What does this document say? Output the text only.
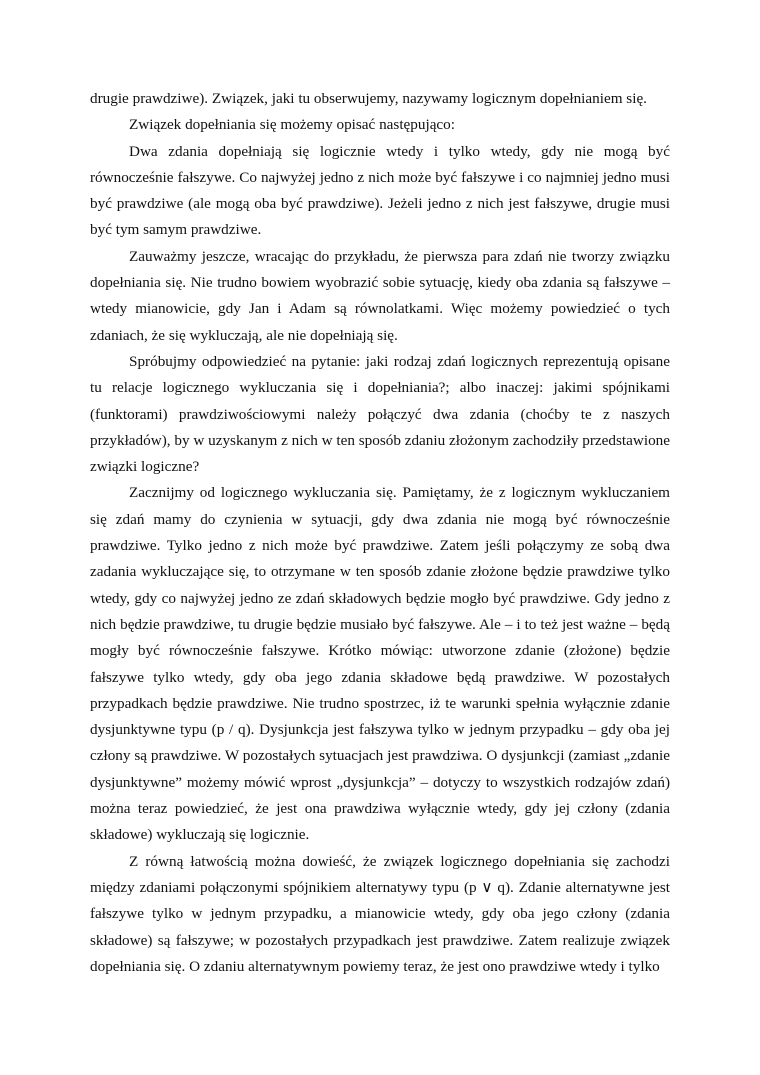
drugie prawdziwe). Związek, jaki tu obserwujemy, nazywamy logicznym dopełnianiem się.

Związek dopełniania się możemy opisać następująco:

Dwa zdania dopełniają się logicznie wtedy i tylko wtedy, gdy nie mogą być równocześnie fałszywe. Co najwyżej jedno z nich może być fałszywe i co najmniej jedno musi być prawdziwe (ale mogą oba być prawdziwe). Jeżeli jedno z nich jest fałszywe, drugie musi być tym samym prawdziwe.

Zauważmy jeszcze, wracając do przykładu, że pierwsza para zdań nie tworzy związku dopełniania się. Nie trudno bowiem wyobrazić sobie sytuację, kiedy oba zdania są fałszywe – wtedy mianowicie, gdy Jan i Adam są równolatkami. Więc możemy powiedzieć o tych zdaniach, że się wykluczają, ale nie dopełniają się.

Spróbujmy odpowiedzieć na pytanie: jaki rodzaj zdań logicznych reprezentują opisane tu relacje logicznego wykluczania się i dopełniania?; albo inaczej: jakimi spójnikami (funktorami) prawdziwościowymi należy połączyć dwa zdania (choćby te z naszych przykładów), by w uzyskanym z nich w ten sposób zdaniu złożonym zachodziły przedstawione związki logiczne?

Zacznijmy od logicznego wykluczania się. Pamiętamy, że z logicznym wykluczaniem się zdań mamy do czynienia w sytuacji, gdy dwa zdania nie mogą być równocześnie prawdziwe. Tylko jedno z nich może być prawdziwe. Zatem jeśli połączymy ze sobą dwa zadania wykluczające się, to otrzymane w ten sposób zdanie złożone będzie prawdziwe tylko wtedy, gdy co najwyżej jedno ze zdań składowych będzie mogło być prawdziwe. Gdy jedno z nich będzie prawdziwe, tu drugie będzie musiało być fałszywe. Ale – i to też jest ważne – będą mogły być równocześnie fałszywe. Krótko mówiąc: utworzone zdanie (złożone) będzie fałszywe tylko wtedy, gdy oba jego zdania składowe będą prawdziwe. W pozostałych przypadkach będzie prawdziwe. Nie trudno spostrzec, iż te warunki spełnia wyłącznie zdanie dysjunktywne typu (p / q). Dysjunkcja jest fałszywa tylko w jednym przypadku – gdy oba jej człony są prawdziwe. W pozostałych sytuacjach jest prawdziwa. O dysjunkcji (zamiast „zdanie dysjunktywne” możemy mówić wprost „dysjunkcja” – dotyczy to wszystkich rodzajów zdań) można teraz powiedzieć, że jest ona prawdziwa wyłącznie wtedy, gdy jej człony (zdania składowe) wykluczają się logicznie.

Z równą łatwością można dowieść, że związek logicznego dopełniania się zachodzi między zdaniami połączonymi spójnikiem alternatywy typu (p ∨ q). Zdanie alternatywne jest fałszywe tylko w jednym przypadku, a mianowicie wtedy, gdy oba jego człony (zdania składowe) są fałszywe; w pozostałych przypadkach jest prawdziwe. Zatem realizuje związek dopełniania się. O zdaniu alternatywnym powiemy teraz, że jest ono prawdziwe wtedy i tylko
